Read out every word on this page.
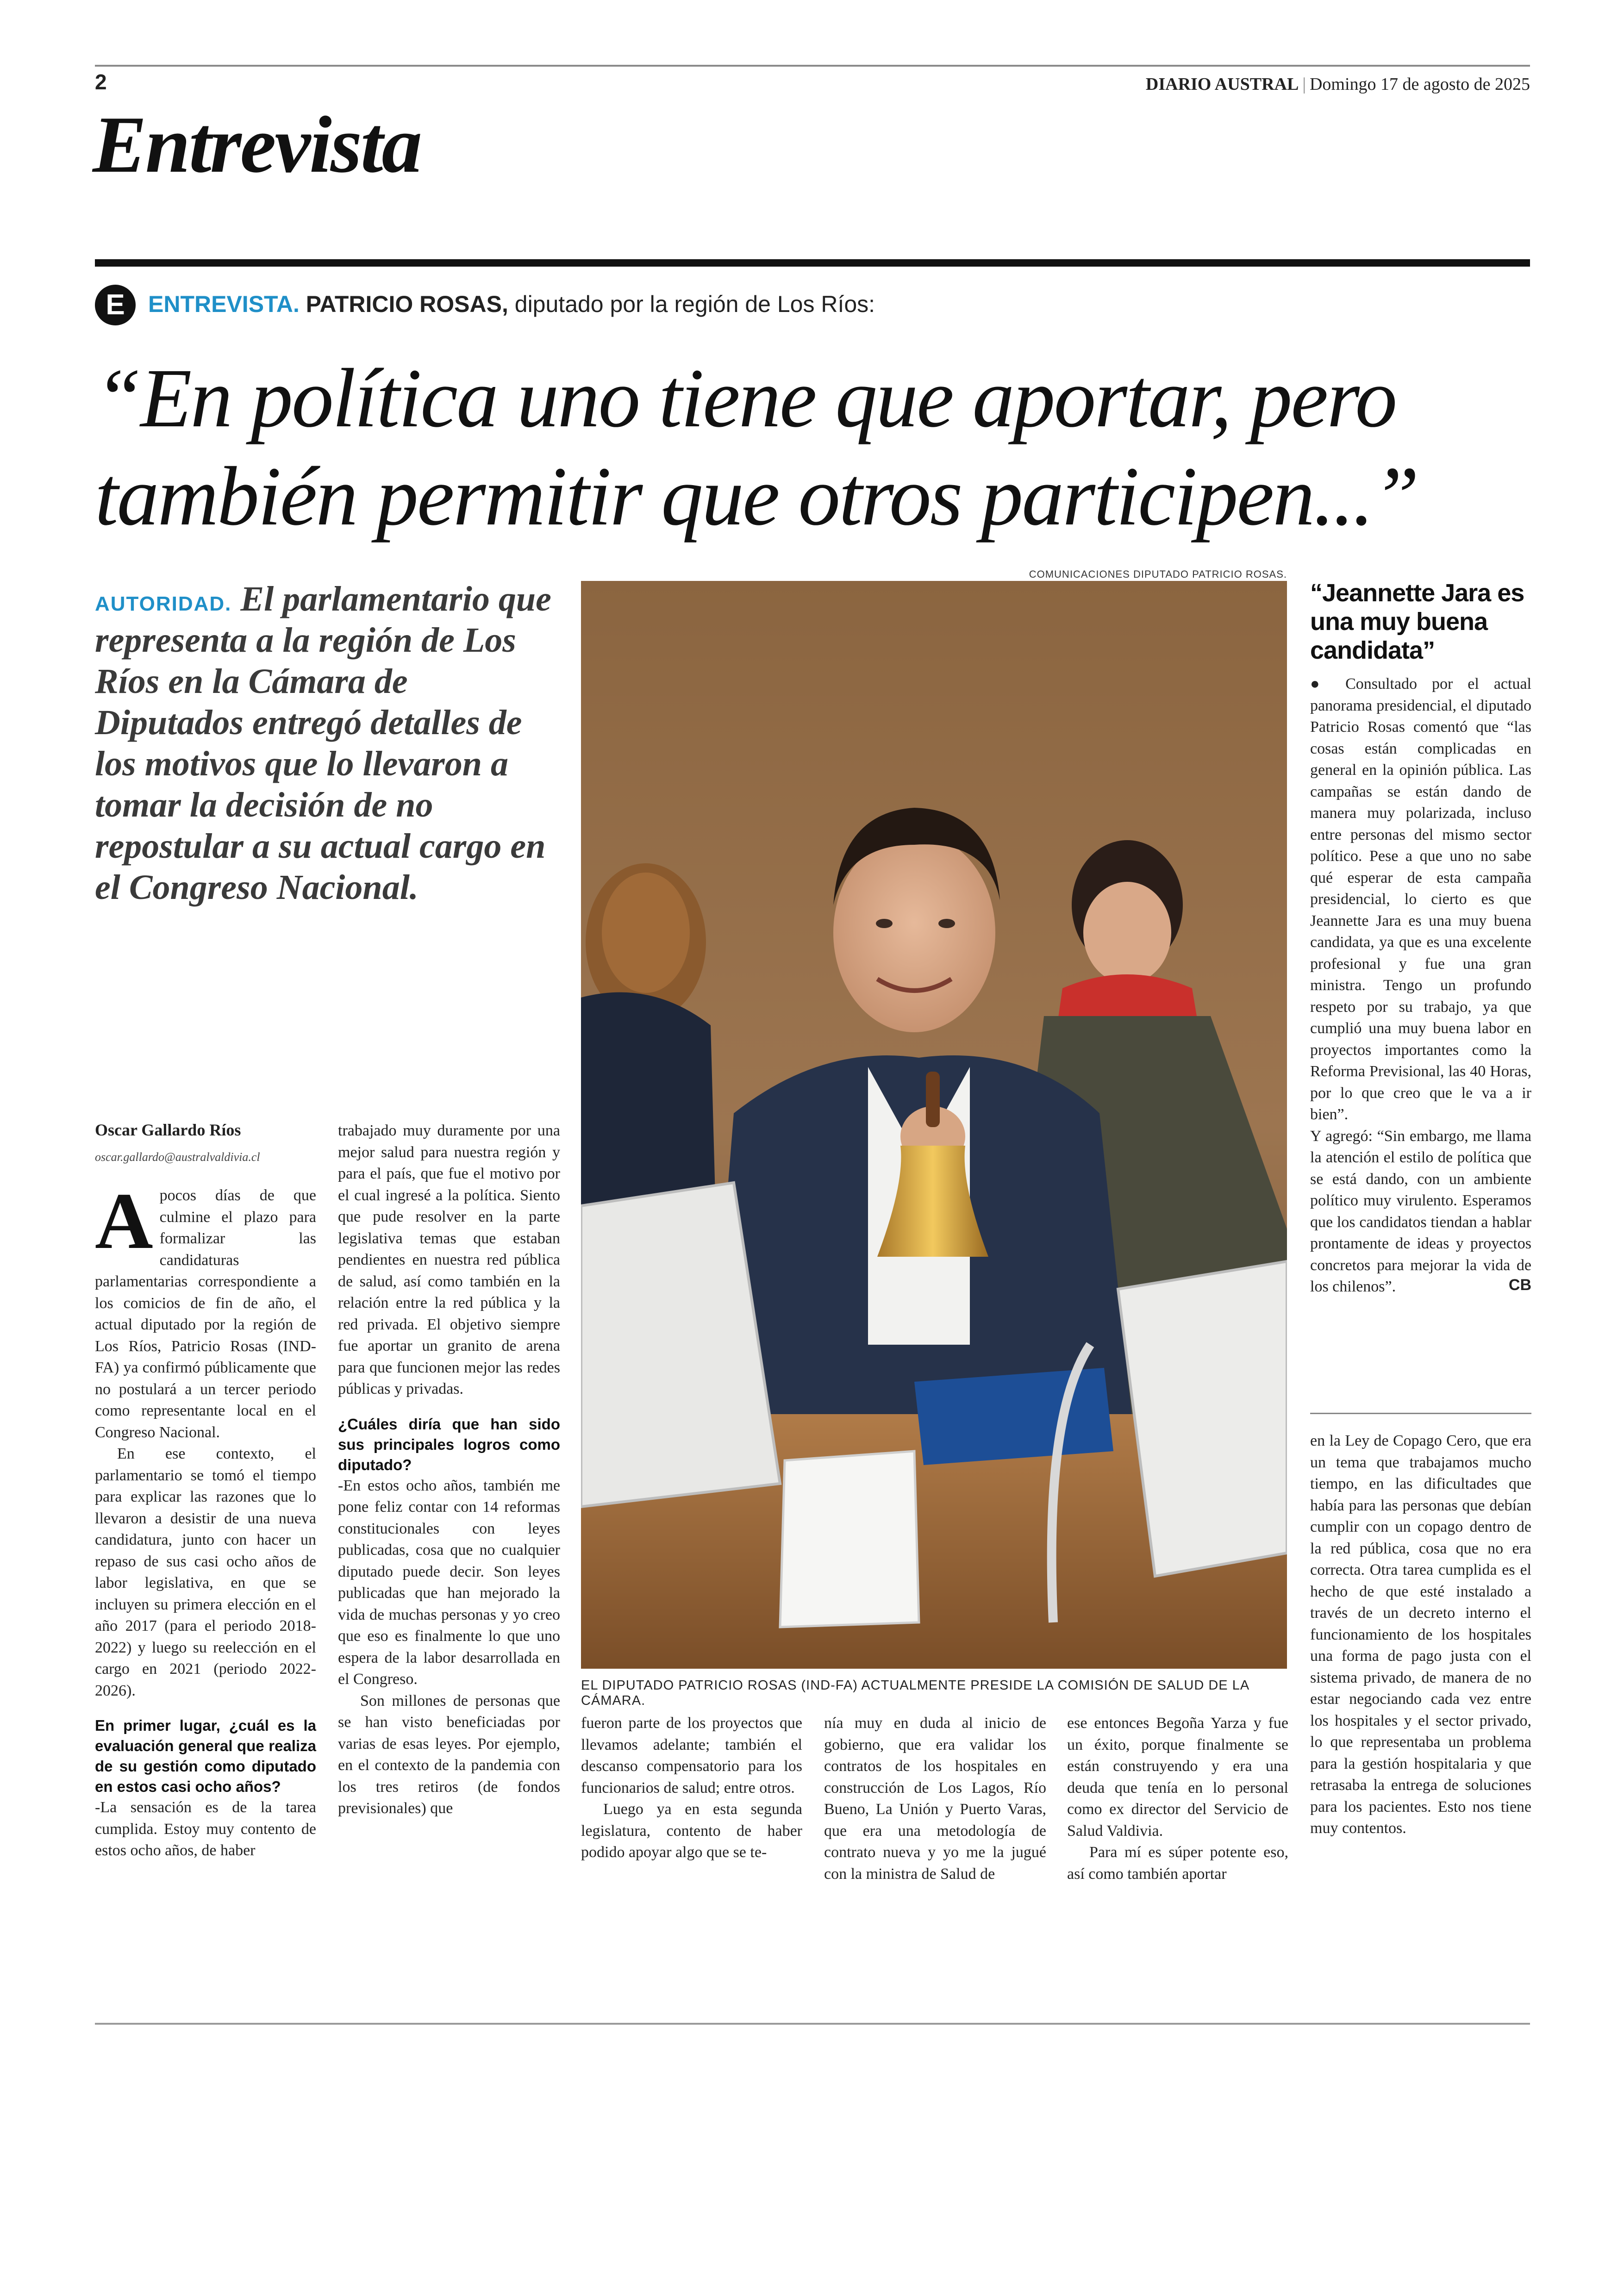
2	DIARIO AUSTRAL | Domingo 17 de agosto de 2025
Entrevista
E	ENTREVISTA. PATRICIO ROSAS, diputado por la región de Los Ríos:
“En política uno tiene que aportar, pero también permitir que otros participen...”
AUTORIDAD. El parlamentario que representa a la región de Los Ríos en la Cámara de Diputados entregó detalles de los motivos que lo llevaron a tomar la decisión de no repostular a su actual cargo en el Congreso Nacional.
COMUNICACIONES DIPUTADO PATRICIO ROSAS.
EL DIPUTADO PATRICIO ROSAS (IND-FA) ACTUALMENTE PRESIDE LA COMISIÓN DE SALUD DE LA CÁMARA.
“Jeannette Jara es una muy buena candidata”

● Consultado por el actual panorama presidencial, el diputado Patricio Rosas comentó que “las cosas están complicadas en general en la opinión pública. Las campañas se están dando de manera muy polarizada, incluso entre personas del mismo sector político. Pese a que uno no sabe qué esperar de esta campaña presidencial, lo cierto es que Jeannette Jara es una muy buena candidata, ya que es una excelente profesional y fue una gran ministra. Tengo un profundo respeto por su trabajo, ya que cumplió una muy buena labor en proyectos importantes como la Reforma Previsional, las 40 Horas, por lo que creo que le va a ir bien”.

Y agregó: “Sin embargo, me llama la atención el estilo de política que se está dando, con un ambiente político muy virulento. Esperamos que los candidatos tiendan a hablar prontamente de ideas y proyectos concretos para mejorar la vida de los chilenos”.	CB

Oscar Gallardo Ríos
oscar.gallardo@australvaldivia.cl

Apocos días de que culmine el plazo para formalizar las candidaturas parlamentarias correspondiente a los comicios de fin de año, el actual diputado por la región de Los Ríos, Patricio Rosas (IND-FA) ya confirmó públicamente que no postulará a un tercer periodo como representante local en el Congreso Nacional.

En ese contexto, el parlamentario se tomó el tiempo para explicar las razones que lo llevaron a desistir de una nueva candidatura, junto con hacer un repaso de sus casi ocho años de labor legislativa, en que se incluyen su primera elección en el año 2017 (para el periodo 2018-2022) y luego su reelección en el cargo en 2021 (periodo 2022-2026).

En primer lugar, ¿cuál es la evaluación general que realiza de su gestión como diputado en estos casi ocho años?

-La sensación es de la tarea cumplida. Estoy muy contento de estos ocho años, de haber

trabajado muy duramente por una mejor salud para nuestra región y para el país, que fue el motivo por el cual ingresé a la política. Siento que pude resolver en la parte legislativa temas que estaban pendientes en nuestra red pública de salud, así como también en la relación entre la red pública y la red privada. El objetivo siempre fue aportar un granito de arena para que funcionen mejor las redes públicas y privadas.

¿Cuáles diría que han sido sus principales logros como diputado?

-En estos ocho años, también me pone feliz contar con 14 reformas constitucionales con leyes publicadas, cosa que no cualquier diputado puede decir. Son leyes publicadas que han mejorado la vida de muchas personas y yo creo que eso es finalmente lo que uno espera de la labor desarrollada en el Congreso.

Son millones de personas que se han visto beneficiadas por varias de esas leyes. Por ejemplo, en el contexto de la pandemia con los tres retiros (de fondos previsionales) que

fueron parte de los proyectos que llevamos adelante; también el descanso compensatorio para los funcionarios de salud; entre otros.

Luego ya en esta segunda legislatura, contento de haber podido apoyar algo que se te-

nía muy en duda al inicio de gobierno, que era validar los contratos de los hospitales en construcción de Los Lagos, Río Bueno, La Unión y Puerto Varas, que era una metodología de contrato nueva y yo me la jugué con la ministra de Salud de

ese entonces Begoña Yarza y fue un éxito, porque finalmente se están construyendo y era una deuda que tenía en lo personal como ex director del Servicio de Salud Valdivia.

Para mí es súper potente eso, así como también aportar

en la Ley de Copago Cero, que era un tema que trabajamos mucho tiempo, en las dificultades que había para las personas que debían cumplir con un copago dentro de la red pública, cosa que no era correcta. Otra tarea cumplida es el hecho de que esté instalado a través de un decreto interno el funcionamiento de los hospitales una forma de pago justa con el sistema privado, de manera de no estar negociando cada vez entre los hospitales y el sector privado, lo que representaba un problema para la gestión hospitalaria y que retrasaba la entrega de soluciones para los pacientes. Esto nos tiene muy contentos.
